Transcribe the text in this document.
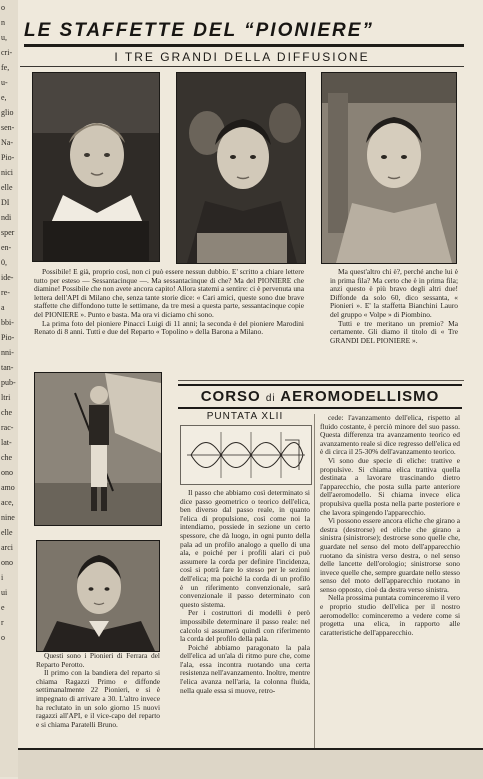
o
n
u,
cri-
fe,
u-
e,
glio
sen-
Na-
Pio-
nici
elle
DI
ndi
sper
en-
0,
ide-
re-
a
bbi-
Pio-
nni-
tan-
pub-
ltri
che
rac-
lat-
che
ono
amo
ace,
nine
elle
arci
ono
i
ui
e
r
o
LE STAFFETTE DEL “PIONIERE”
I TRE GRANDI DELLA DIFFUSIONE

Possibile! E già, proprio così, non ci può essere nessun dubbio. E' scritto a chiare lettere tutto per esteso — Sessantacinque —. Ma sessantacinque di che? Ma del PIONIERE che diamine! Possibile che non avete ancora capito! Allora statemi a sentire: ci è pervenuta una lettera dell'API di Milano che, senza tante storie dice: « Cari amici, queste sono due brave staffette che diffondono tutte le settimane, da tre mesi a questa parte, sessantacinque copie del PIONIERE ». Punto e basta. Ma ora vi diciamo chi sono.

La prima foto del pioniere Pinacci Luigi di 11 anni; la seconda è del pioniere Marodini Renato di 8 anni. Tutti e due del Reparto « Topolino » della Barona a Milano.

Ma quest'altro chi è?, perché anche lui è in prima fila? Ma certo che è in prima fila; anzi questo è più bravo degli altri due! Diffonde da solo 60, dico sessanta, « Pionieri ». E' la staffetta Bianchini Lauro del gruppo « Volpe » di Piombino.

Tutti e tre meritano un premio? Ma certamente. Gli diamo il titolo di « Tre GRANDI DEL PIONIERE ».

Questi sono i Pionieri di Ferrara del Reparto Perotto.

Il primo con la bandiera del reparto si chiama Ragazzi Primo e diffonde settimanalmente 22 Pionieri, e si è impegnato di arrivare a 30. L'altro invece ha reclutato in un solo giorno 15 nuovi ragazzi all'API, e il vice-capo del reparto e si chiama Paratelli Bruno.

CORSO di AEROMODELLISMO
PUNTATA XLII

Il passo che abbiamo così determinato si dice passo geometrico o teorico dell'elica, ben diverso dal passo reale, in quanto l'elica di propulsione, così come noi la intendiamo, possiede in sezione un certo spessore, che dà luogo, in ogni punto della pala ad un profilo analogo a quello di una ala, e poiché per i profili alari ci può assumere la corda per definire l'incidenza, così si potrà fare lo stesso per le sezioni dell'elica; ma poiché la corda di un profilo è un riferimento convenzionale, sarà convenzionale il passo determinato con questo sistema.

Per i costruttori di modelli è però impossibile determinare il passo reale: nel calcolo si assumerà quindi con riferimento la corda del profilo della pala.

Poiché abbiamo paragonato la pala dell'elica ad un'ala di ritmo pure che, come l'ala, essa incontra ruotando una certa resistenza nell'avanzamento. Inoltre, mentre l'elica avanza nell'aria, la colonna fluida, nella quale essa si muove, retro-

cede: l'avanzamento dell'elica, rispetto al fluido costante, è perciò minore del suo passo. Questa differenza tra avanzamento teorico ed avanzamento reale si dice regresso dell'elica ed è di circa il 25-30% dell'avanzamento teorico.

Vi sono due specie di eliche: trattive e propulsive. Si chiama elica trattiva quella destinata a lavorare trascinando dietro l'apparecchio, che posta sulla parte anteriore dell'aeromodello. Si chiama invece elica propulsiva quella posta nella parte posteriore e che lavora spingendo l'apparecchio.

Vi possono essere ancora eliche che girano a destra (destrorse) ed eliche che girano a sinistra (sinistrorse); destrorse sono quelle che, guardate nel senso del moto dell'apparecchio ruotano da sinistra verso destra, o nel senso delle lancette dell'orologio; sinistrorse sono invece quelle che, sempre guardate nello stesso senso del moto dell'apparecchio ruotano in senso opposto, cioè da destra verso sinistra.

Nella prossima puntata cominceremo il vero e proprio studio dell'elica per il nostro aeromodello: cominceremo a vedere come si progetta una elica, in rapporto alle caratteristiche dell'apparecchio.
